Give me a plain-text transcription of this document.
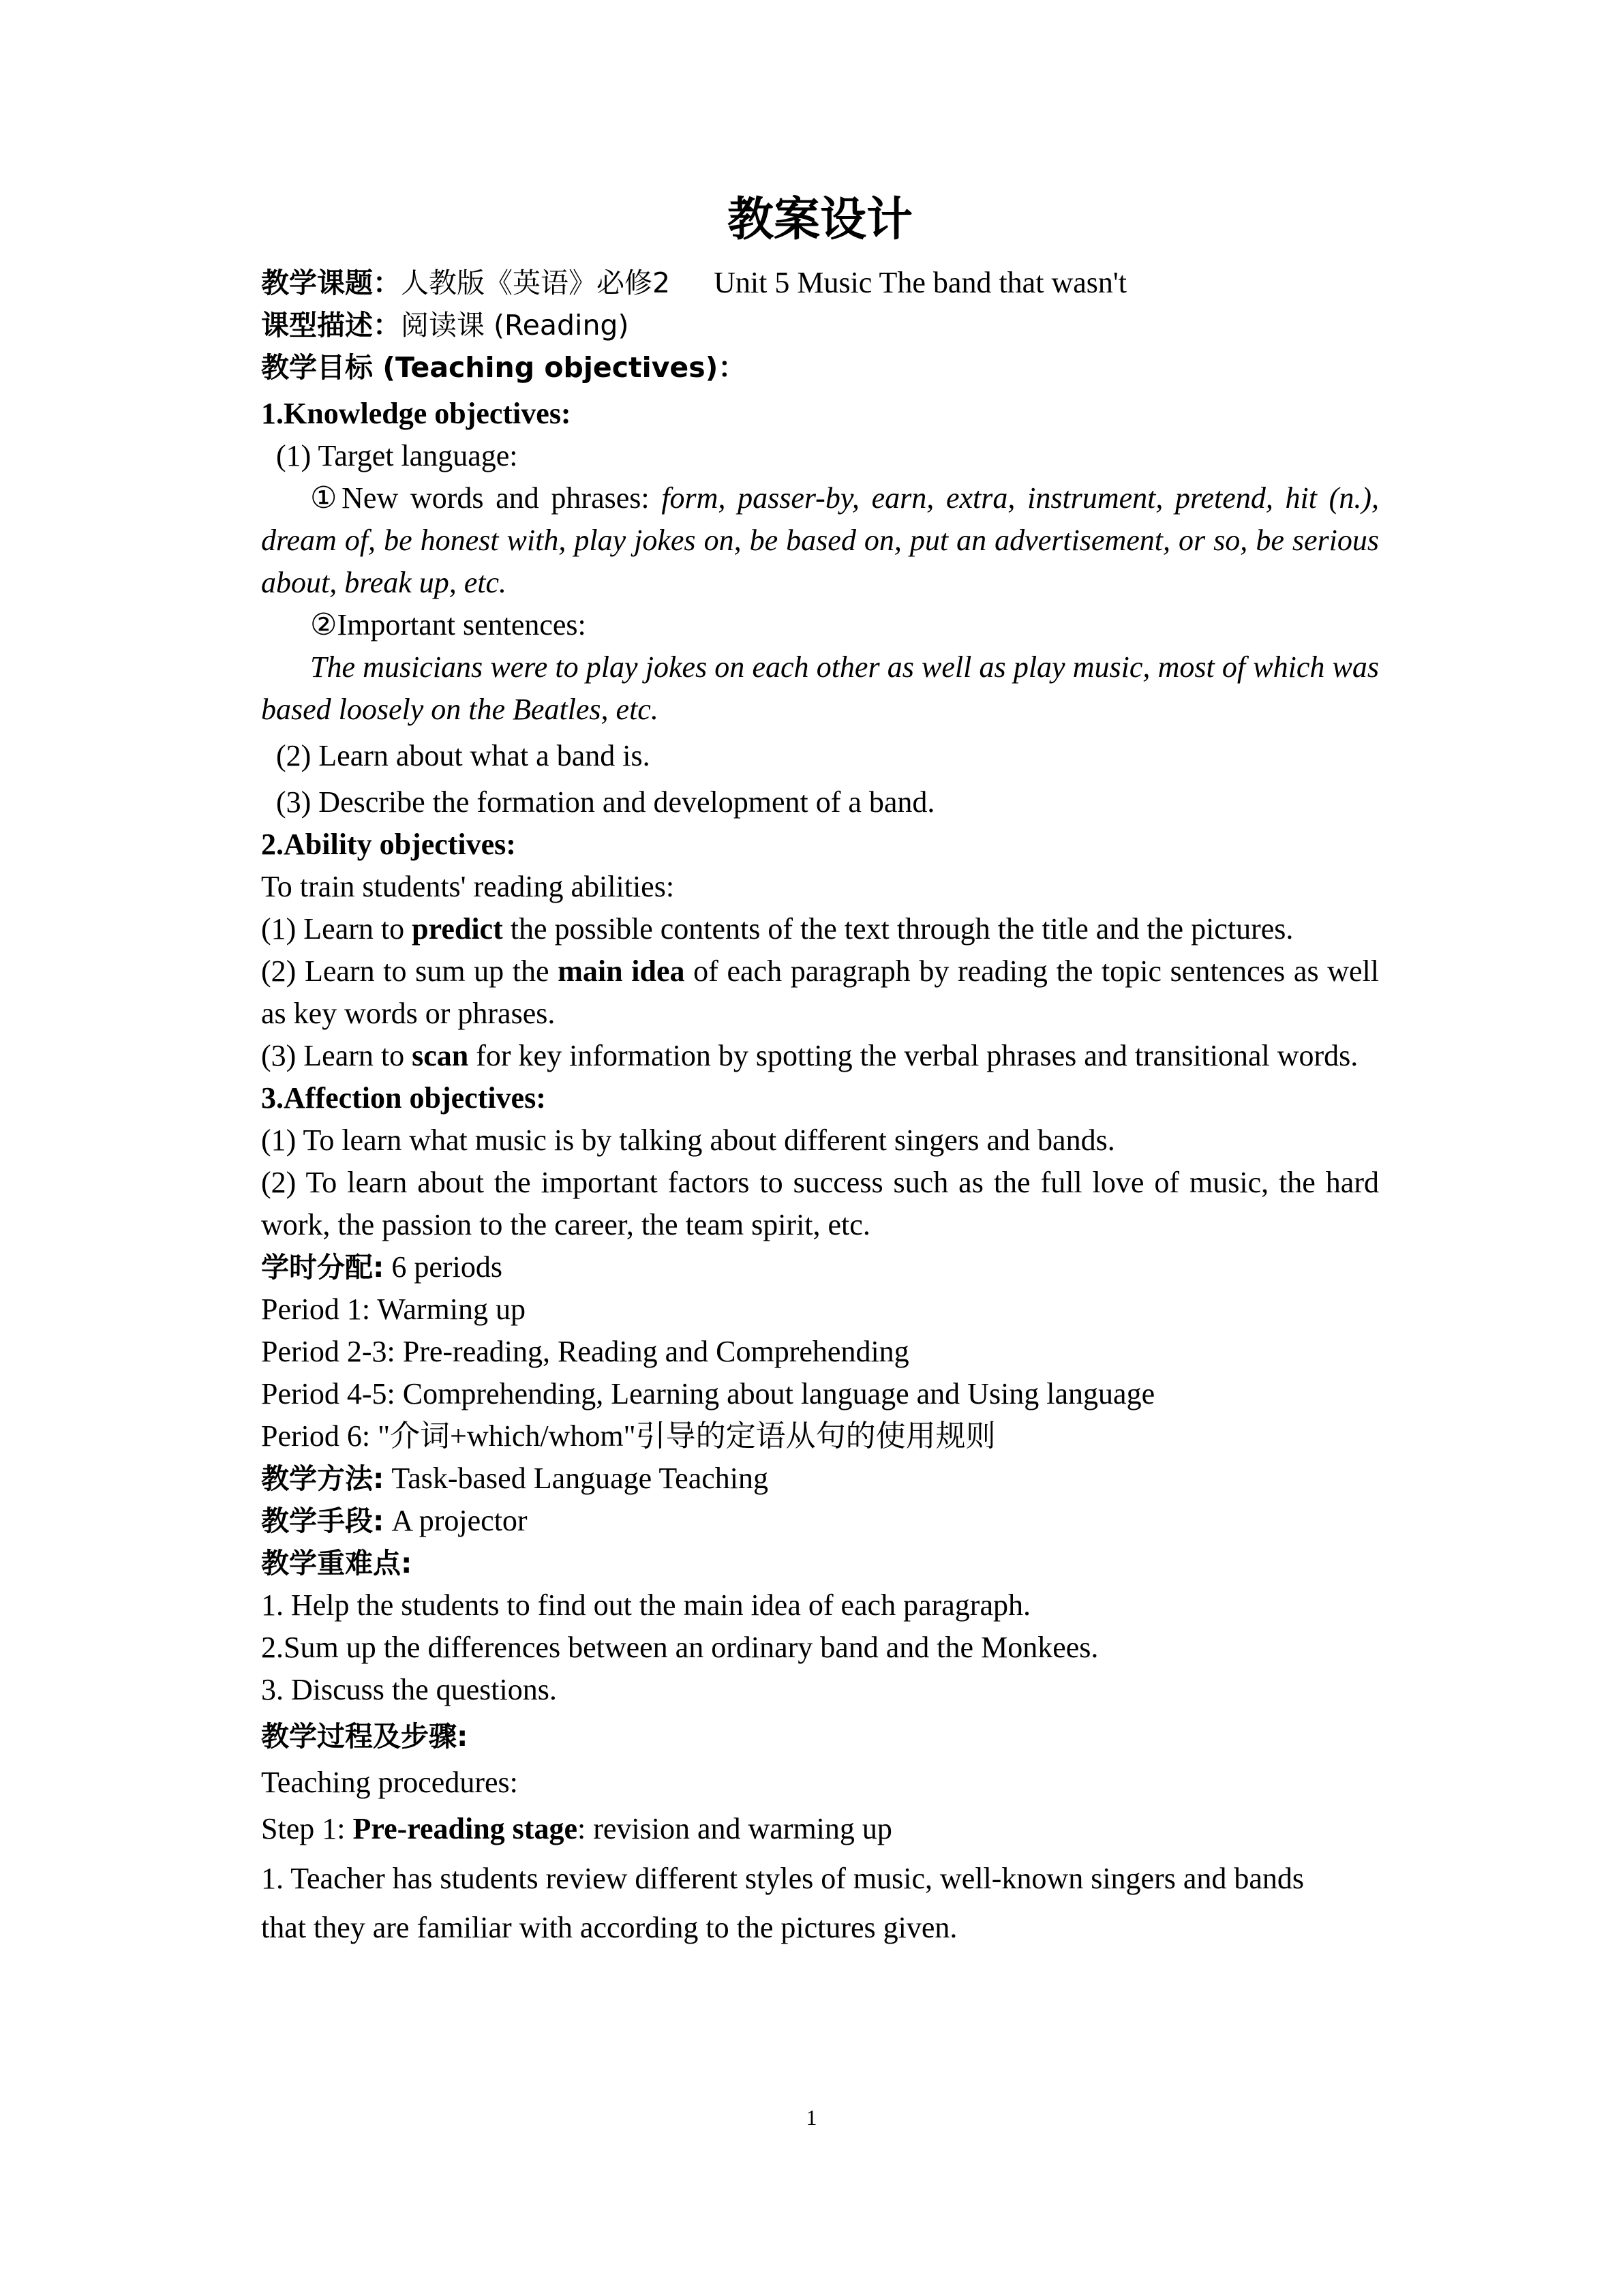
教案设计
教学课题：人教版《英语》必修2 Unit 5 Music The band that wasn't
课型描述：阅读课 (Reading)
教学目标 (Teaching objectives)：
1.Knowledge objectives:
(1) Target language:
①New words and phrases: form, passer-by, earn, extra, instrument, pretend, hit (n.), dream of, be honest with, play jokes on, be based on, put an advertisement, or so, be serious about, break up, etc.
②Important sentences:
The musicians were to play jokes on each other as well as play music, most of which was based loosely on the Beatles, etc.
(2) Learn about what a band is.
(3) Describe the formation and development of a band.
2.Ability objectives:
To train students' reading abilities:
(1) Learn to predict the possible contents of the text through the title and the pictures.
(2) Learn to sum up the main idea of each paragraph by reading the topic sentences as well as key words or phrases.
(3) Learn to scan for key information by spotting the verbal phrases and transitional words.
3.Affection objectives:
(1) To learn what music is by talking about different singers and bands.
(2) To learn about the important factors to success such as the full love of music, the hard work, the passion to the career, the team spirit, etc.
学时分配: 6 periods
Period 1: Warming up
Period 2-3: Pre-reading, Reading and Comprehending
Period 4-5: Comprehending, Learning about language and Using language
Period 6: "介词+which/whom"引导的定语从句的使用规则
教学方法: Task-based Language Teaching
教学手段: A projector
教学重难点:
1. Help the students to find out the main idea of each paragraph.
2.Sum up the differences between an ordinary band and the Monkees.
3. Discuss the questions.
教学过程及步骤:
Teaching procedures:
Step 1: Pre-reading stage: revision and warming up
1. Teacher has students review different styles of music, well-known singers and bands that they are familiar with according to the pictures given.
1
